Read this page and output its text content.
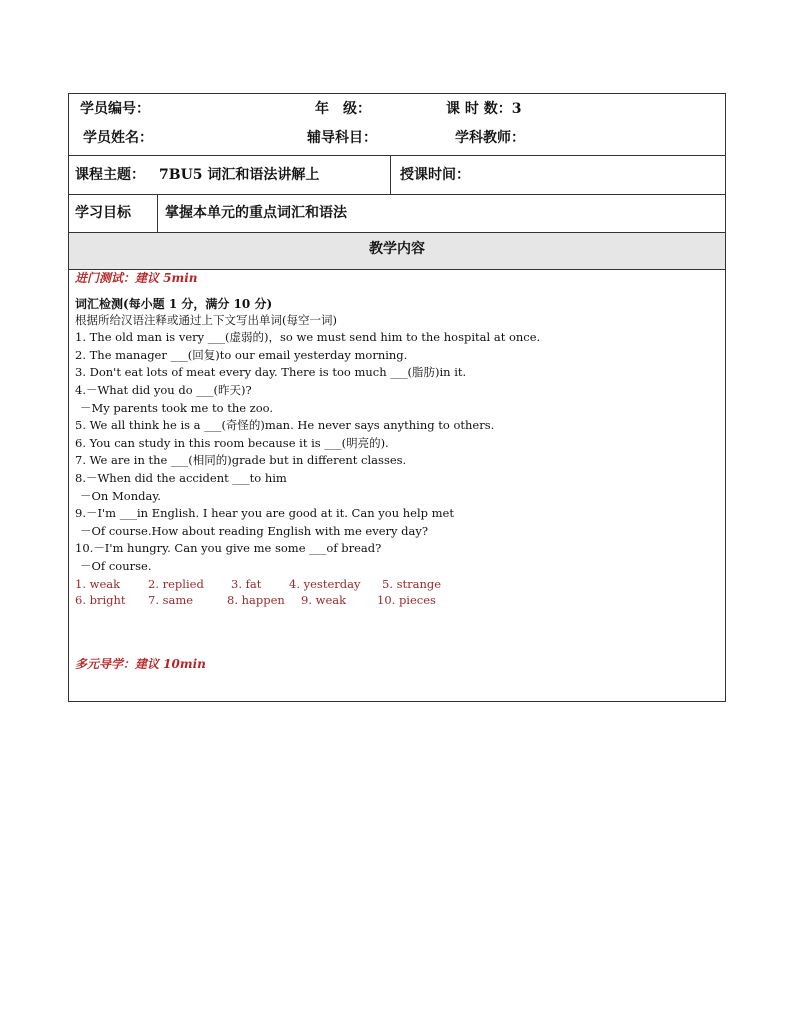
学员编号：	年　级：	课 时 数：3
学员姓名：	辅导科目：	学科教师：
课程主题： 7BU5 词汇和语法讲解上	授课时间：
学习目标 掌握本单元的重点词汇和语法
教学内容
进门测试：建议 5min
词汇检测(每小题 1 分，满分 10 分)
根据所给汉语注释或通过上下文写出单词(每空一词)
1. The old man is very ___(虚弱的)，so we must send him to the hospital at once.
2. The manager ___(回复)to our email yesterday morning.
3. Don't eat lots of meat every day. There is too much ___(脂肪)in it.
4.－What did you do ___(昨天)?
－My parents took me to the zoo.
5. We all think he is a ___(奇怪的)man. He never says anything to others.
6. You can study in this room because it is ___(明亮的).
7. We are in the ___(相同的)grade but in different classes.
8.－When did the accident ___to him
－On Monday.
9.－I'm ___in English. I hear you are good at it. Can you help met
－Of course.How about reading English with me every day?
10.－I'm hungry. Can you give me some ___of bread?
－Of course.
1. weak 2. replied 3. fat 4. yesterday 5. strange
6. bright 7. same	8. happen 9. weak	10. pieces
多元导学：建议 10min
